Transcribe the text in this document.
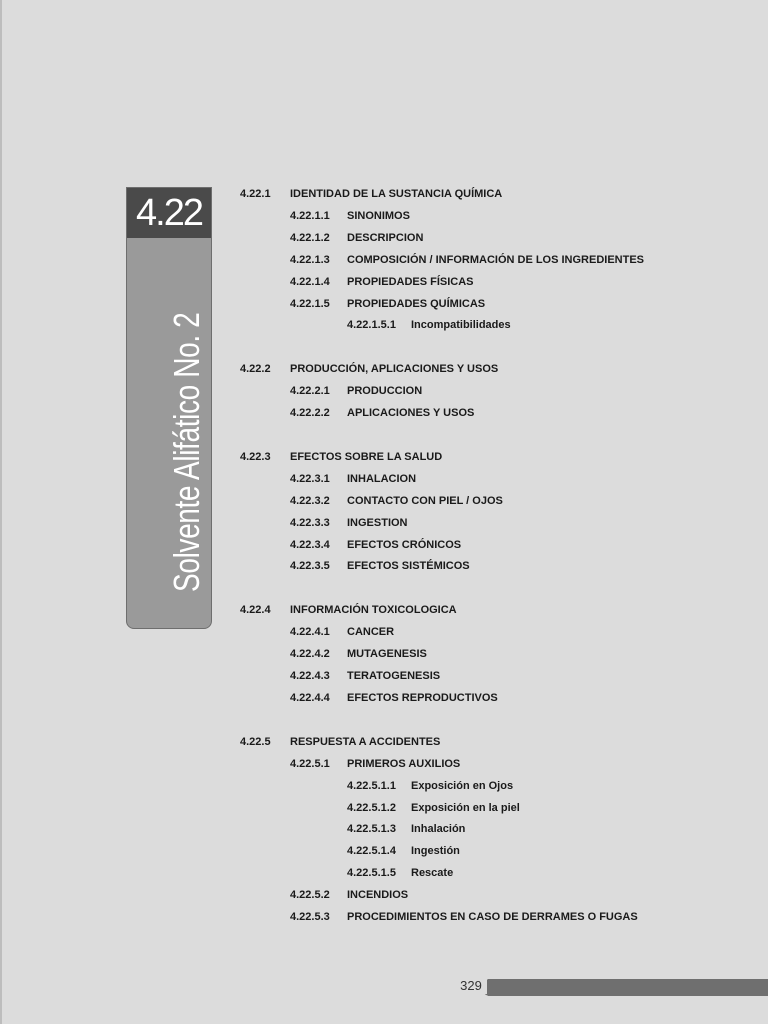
4.22
Solvente Alifático No. 2
4.22.1 IDENTIDAD DE LA SUSTANCIA QUÍMICA
4.22.1.1 SINONIMOS
4.22.1.2 DESCRIPCION
4.22.1.3 COMPOSICIÓN / INFORMACIÓN DE LOS INGREDIENTES
4.22.1.4 PROPIEDADES FÍSICAS
4.22.1.5 PROPIEDADES QUÍMICAS
4.22.1.5.1 Incompatibilidades
4.22.2 PRODUCCIÓN, APLICACIONES Y USOS
4.22.2.1 PRODUCCION
4.22.2.2 APLICACIONES Y USOS
4.22.3 EFECTOS SOBRE LA SALUD
4.22.3.1 INHALACION
4.22.3.2 CONTACTO CON PIEL / OJOS
4.22.3.3 INGESTION
4.22.3.4 EFECTOS CRÓNICOS
4.22.3.5 EFECTOS SISTÉMICOS
4.22.4 INFORMACIÓN TOXICOLOGICA
4.22.4.1 CANCER
4.22.4.2 MUTAGENESIS
4.22.4.3 TERATOGENESIS
4.22.4.4 EFECTOS REPRODUCTIVOS
4.22.5 RESPUESTA A ACCIDENTES
4.22.5.1 PRIMEROS AUXILIOS
4.22.5.1.1 Exposición en Ojos
4.22.5.1.2 Exposición en la piel
4.22.5.1.3 Inhalación
4.22.5.1.4 Ingestión
4.22.5.1.5 Rescate
4.22.5.2 INCENDIOS
4.22.5.3 PROCEDIMIENTOS EN CASO DE DERRAMES O FUGAS
329
